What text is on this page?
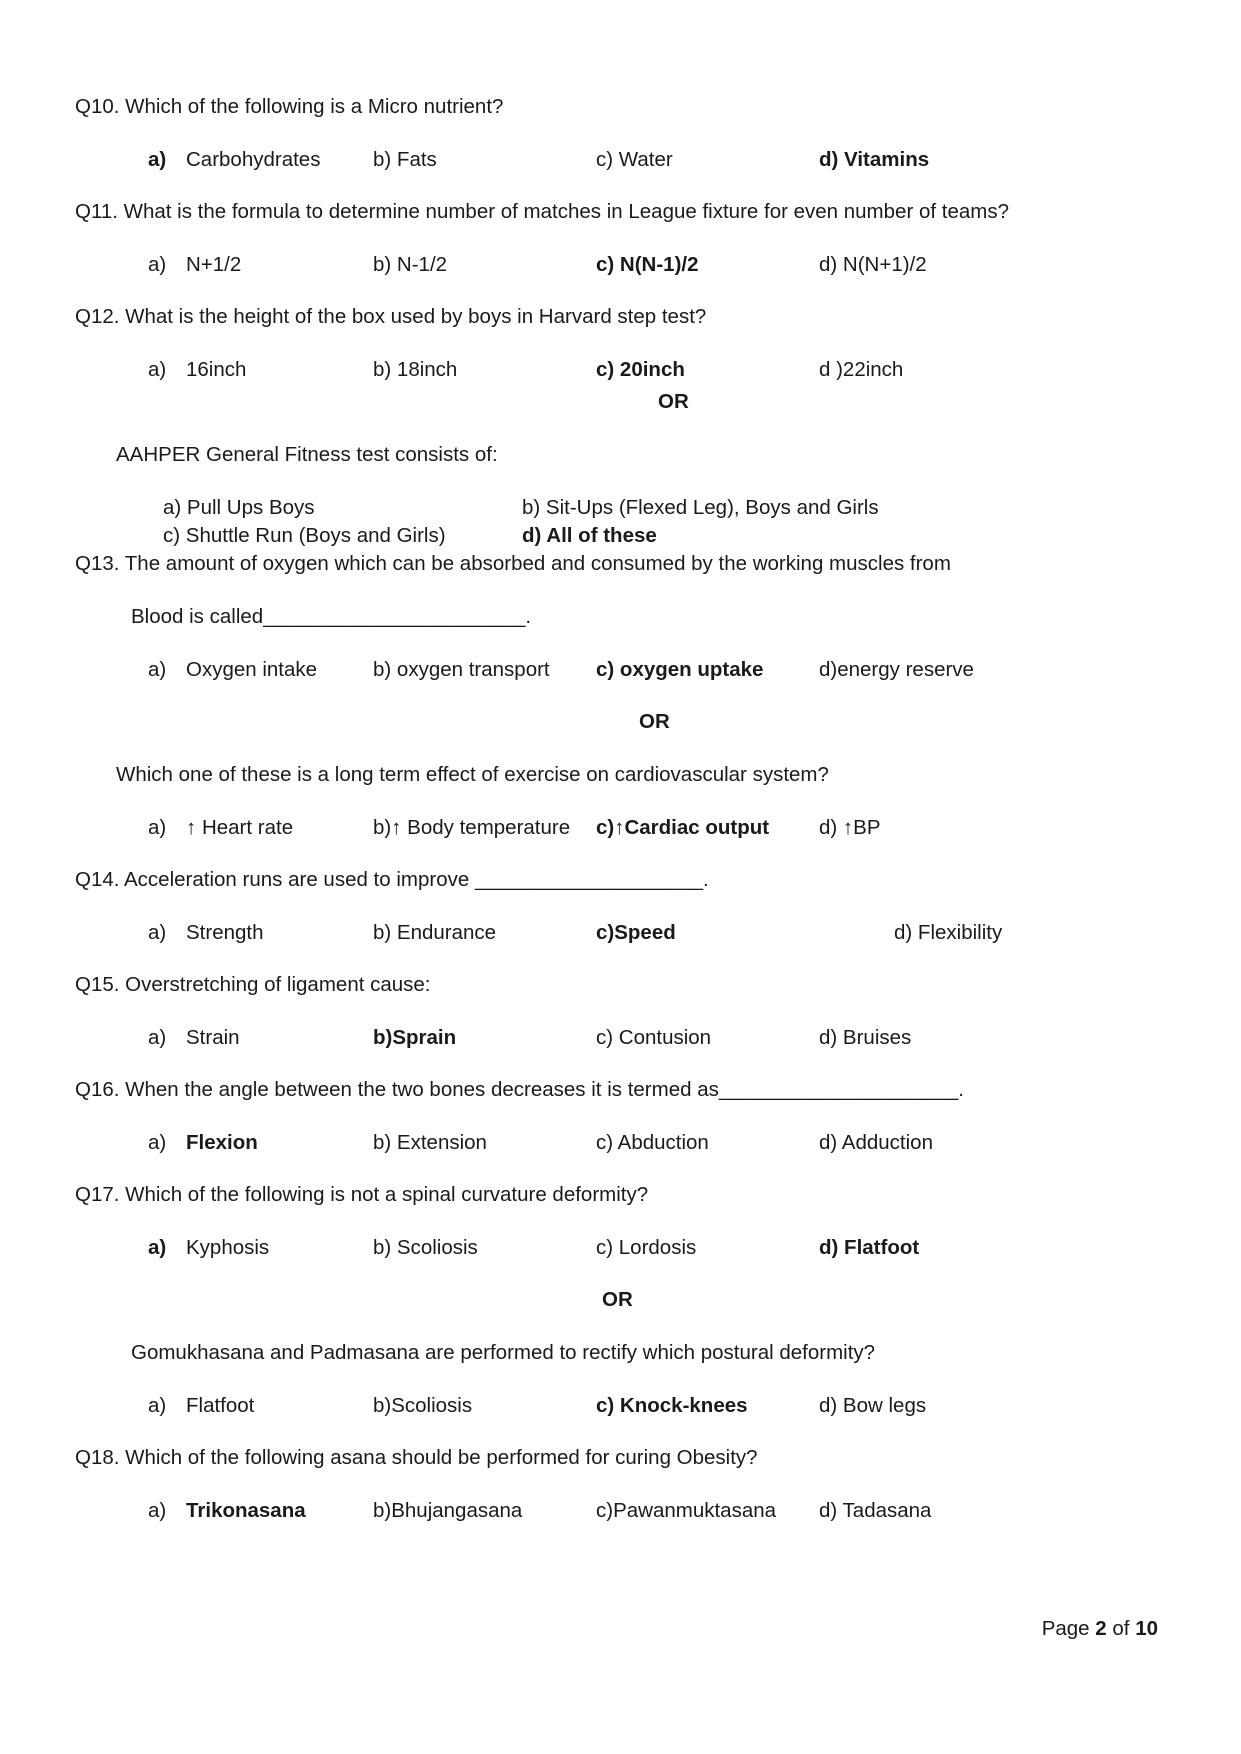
Q10. Which of the following is a Micro nutrient?
a) Carbohydrates	b) Fats	c) Water	d) Vitamins
Q11. What is the formula to determine number of matches in League fixture for even number of teams?
a) N+1/2	b) N-1/2	c) N(N-1)/2	d) N(N+1)/2
Q12. What is the height of the box used by boys in Harvard step test?
a) 16inch	b) 18inch	c) 20inch	d )22inch
OR
AAHPER General Fitness test consists of:
a) Pull Ups Boys	b) Sit-Ups (Flexed Leg), Boys and Girls
c) Shuttle Run (Boys and Girls)	d) All of these
Q13. The amount of oxygen which can be absorbed and consumed by the working muscles from
Blood is called_______________________.
a) Oxygen intake	b) oxygen transport c) oxygen uptake	d)energy reserve
OR
Which one of these is a long term effect of exercise on cardiovascular system?
a) ↑ Heart rate	b)↑ Body temperature c)↑Cardiac output d) ↑BP
Q14. Acceleration runs are used to improve ____________________.
a) Strength	b) Endurance	c)Speed	d) Flexibility
Q15. Overstretching of ligament cause:
a) Strain	b)Sprain	c) Contusion	d) Bruises
Q16. When the angle between the two bones decreases it is termed as_____________________.
a) Flexion	b) Extension	c) Abduction	d) Adduction
Q17. Which of the following is not a spinal curvature deformity?
a) Kyphosis	b) Scoliosis	c) Lordosis	d) Flatfoot
OR
Gomukhasana and Padmasana are performed to rectify which postural deformity?
a) Flatfoot	b)Scoliosis	c) Knock-knees	d) Bow legs
Q18. Which of the following asana should be performed for curing Obesity?
a) Trikonasana	b)Bhujangasana	c)Pawanmuktasana d) Tadasana
Page 2 of 10
